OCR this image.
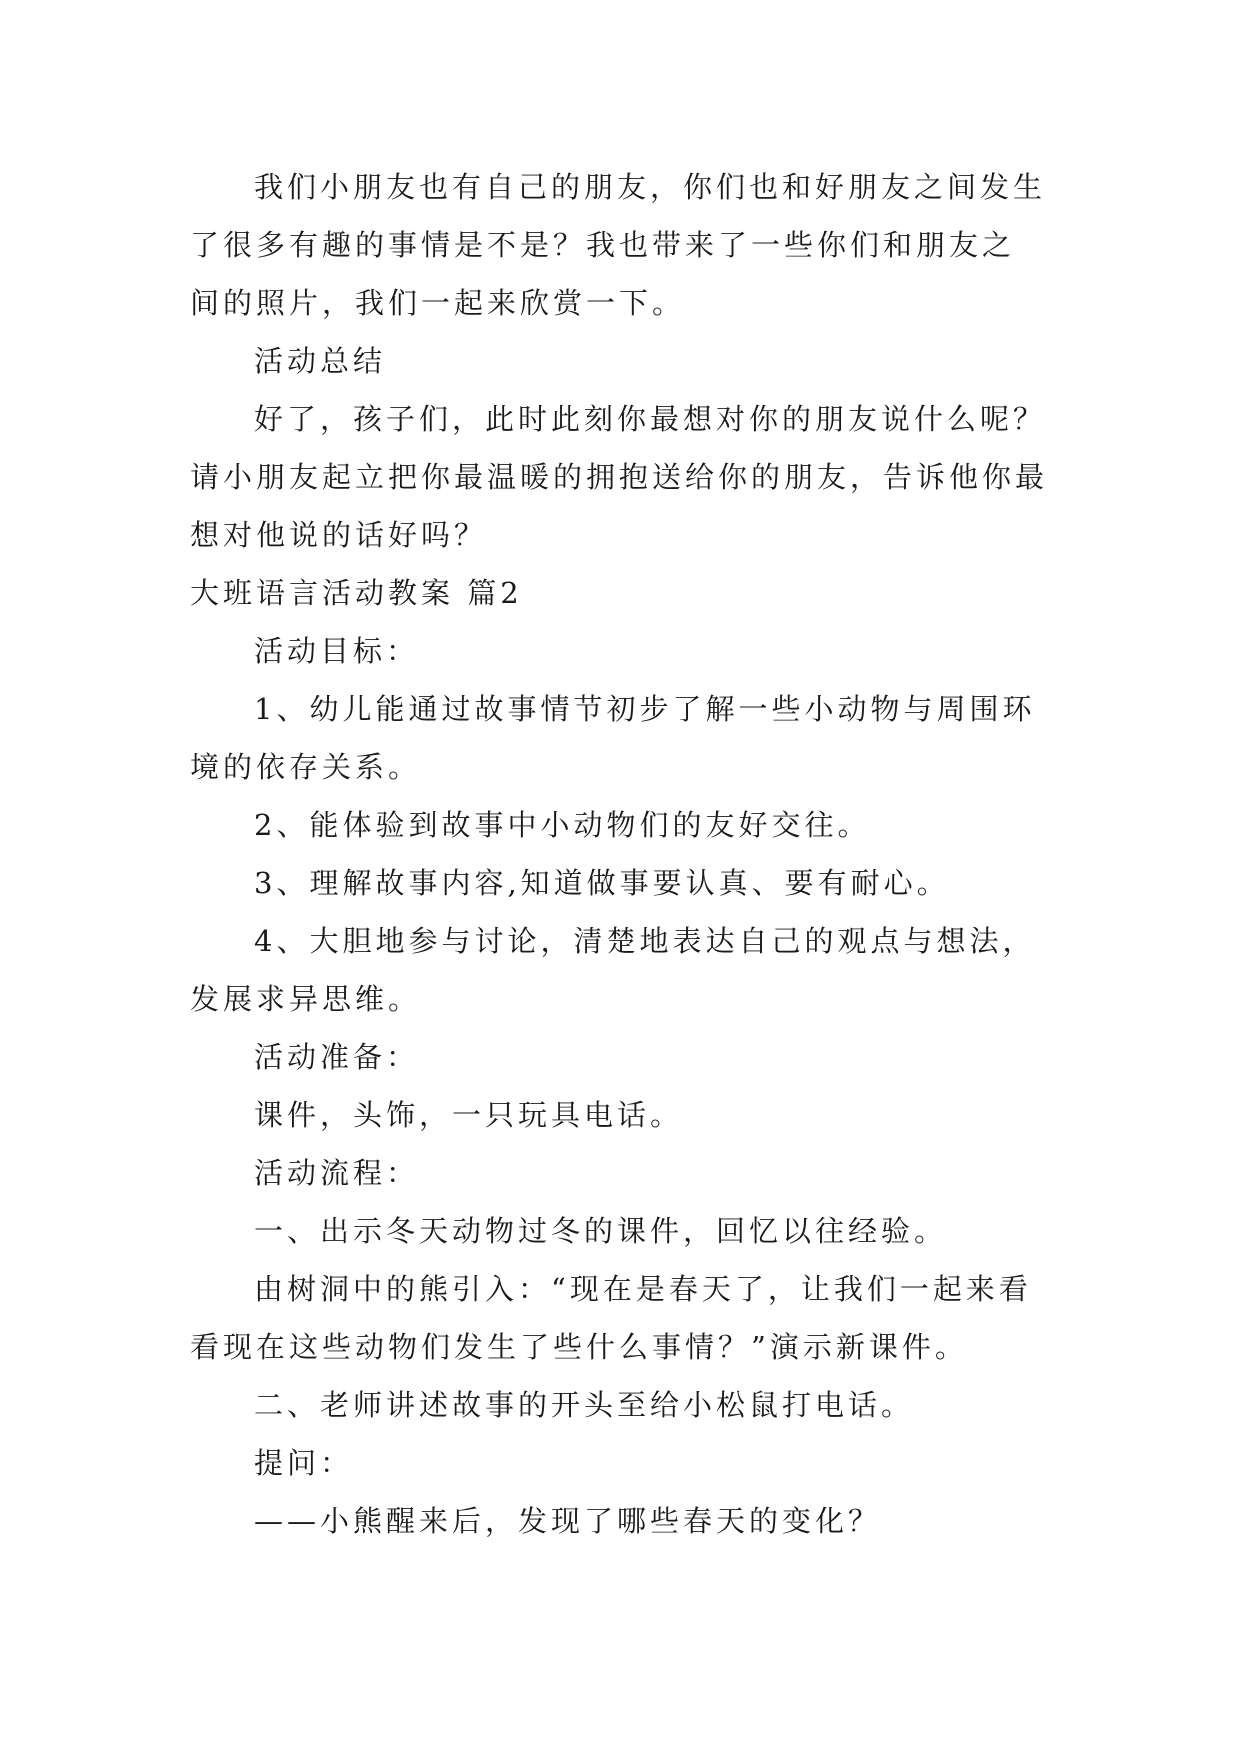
我们小朋友也有自己的朋友，你们也和好朋友之间发生
了很多有趣的事情是不是？我也带来了一些你们和朋友之
间的照片，我们一起来欣赏一下。
活动总结
好了，孩子们，此时此刻你最想对你的朋友说什么呢？
请小朋友起立把你最温暖的拥抱送给你的朋友，告诉他你最
想对他说的话好吗？
大班语言活动教案 篇2
活动目标：
1、幼儿能通过故事情节初步了解一些小动物与周围环
境的依存关系。
2、能体验到故事中小动物们的友好交往。
3、理解故事内容,知道做事要认真、要有耐心。
4、大胆地参与讨论，清楚地表达自己的观点与想法，
发展求异思维。
活动准备：
课件，头饰，一只玩具电话。
活动流程：
一、出示冬天动物过冬的课件，回忆以往经验。
由树洞中的熊引入：“现在是春天了，让我们一起来看
看现在这些动物们发生了些什么事情？”演示新课件。
二、老师讲述故事的开头至给小松鼠打电话。
提问：
——小熊醒来后，发现了哪些春天的变化？
